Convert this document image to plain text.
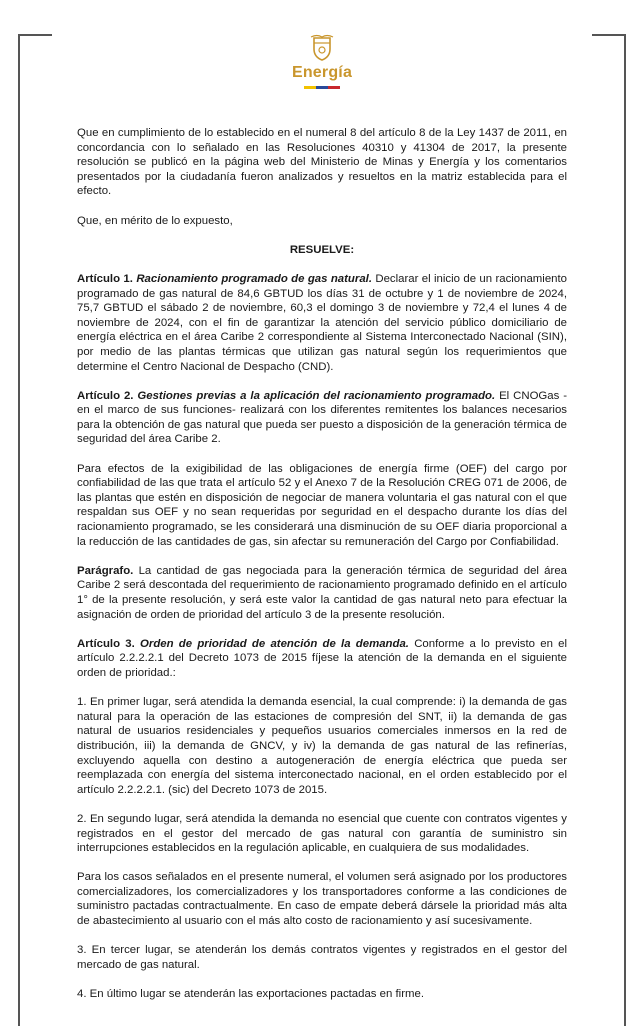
Energía

Que en cumplimiento de lo establecido en el numeral 8 del artículo 8 de la Ley 1437 de 2011, en concordancia con lo señalado en las Resoluciones 40310 y 41304 de 2017, la presente resolución se publicó en la página web del Ministerio de Minas y Energía y los comentarios presentados por la ciudadanía fueron analizados y resueltos en la matriz establecida para el efecto.

Que, en mérito de lo expuesto,

RESUELVE:

Artículo 1. Racionamiento programado de gas natural. Declarar el inicio de un racionamiento programado de gas natural de 84,6 GBTUD los días 31 de octubre y 1 de noviembre de 2024, 75,7 GBTUD el sábado 2 de noviembre, 60,3 el domingo 3 de noviembre y 72,4 el lunes 4 de noviembre de 2024, con el fin de garantizar la atención del servicio público domiciliario de energía eléctrica en el área Caribe 2 correspondiente al Sistema Interconectado Nacional (SIN), por medio de las plantas térmicas que utilizan gas natural según los requerimientos que determine el Centro Nacional de Despacho (CND).

Artículo 2. Gestiones previas a la aplicación del racionamiento programado. El CNOGas -en el marco de sus funciones- realizará con los diferentes remitentes los balances necesarios para la obtención de gas natural que pueda ser puesto a disposición de la generación térmica de seguridad del área Caribe 2.

Para efectos de la exigibilidad de las obligaciones de energía firme (OEF) del cargo por confiabilidad de las que trata el artículo 52 y el Anexo 7 de la Resolución CREG 071 de 2006, de las plantas que estén en disposición de negociar de manera voluntaria el gas natural con el que respaldan sus OEF y no sean requeridas por seguridad en el despacho durante los días del racionamiento programado, se les considerará una disminución de su OEF diaria proporcional a la reducción de las cantidades de gas, sin afectar su remuneración del Cargo por Confiabilidad.

Parágrafo. La cantidad de gas negociada para la generación térmica de seguridad del área Caribe 2 será descontada del requerimiento de racionamiento programado definido en el artículo 1° de la presente resolución, y será este valor la cantidad de gas natural neto para efectuar la asignación de orden de prioridad del artículo 3 de la presente resolución.

Artículo 3. Orden de prioridad de atención de la demanda. Conforme a lo previsto en el artículo 2.2.2.2.1 del Decreto 1073 de 2015 fíjese la atención de la demanda en el siguiente orden de prioridad.:

1. En primer lugar, será atendida la demanda esencial, la cual comprende: i) la demanda de gas natural para la operación de las estaciones de compresión del SNT, ii) la demanda de gas natural de usuarios residenciales y pequeños usuarios comerciales inmersos en la red de distribución, iii) la demanda de GNCV, y iv) la demanda de gas natural de las refinerías, excluyendo aquella con destino a autogeneración de energía eléctrica que pueda ser reemplazada con energía del sistema interconectado nacional, en el orden establecido por el artículo 2.2.2.2.1. (sic) del Decreto 1073 de 2015.

2. En segundo lugar, será atendida la demanda no esencial que cuente con contratos vigentes y registrados en el gestor del mercado de gas natural con garantía de suministro sin interrupciones establecidos en la regulación aplicable, en cualquiera de sus modalidades.

Para los casos señalados en el presente numeral, el volumen será asignado por los productores comercializadores, los comercializadores y los transportadores conforme a las condiciones de suministro pactadas contractualmente. En caso de empate deberá dársele la prioridad más alta de abastecimiento al usuario con el más alto costo de racionamiento y así sucesivamente.

3. En tercer lugar, se atenderán los demás contratos vigentes y registrados en el gestor del mercado de gas natural.

4. En último lugar se atenderán las exportaciones pactadas en firme.
